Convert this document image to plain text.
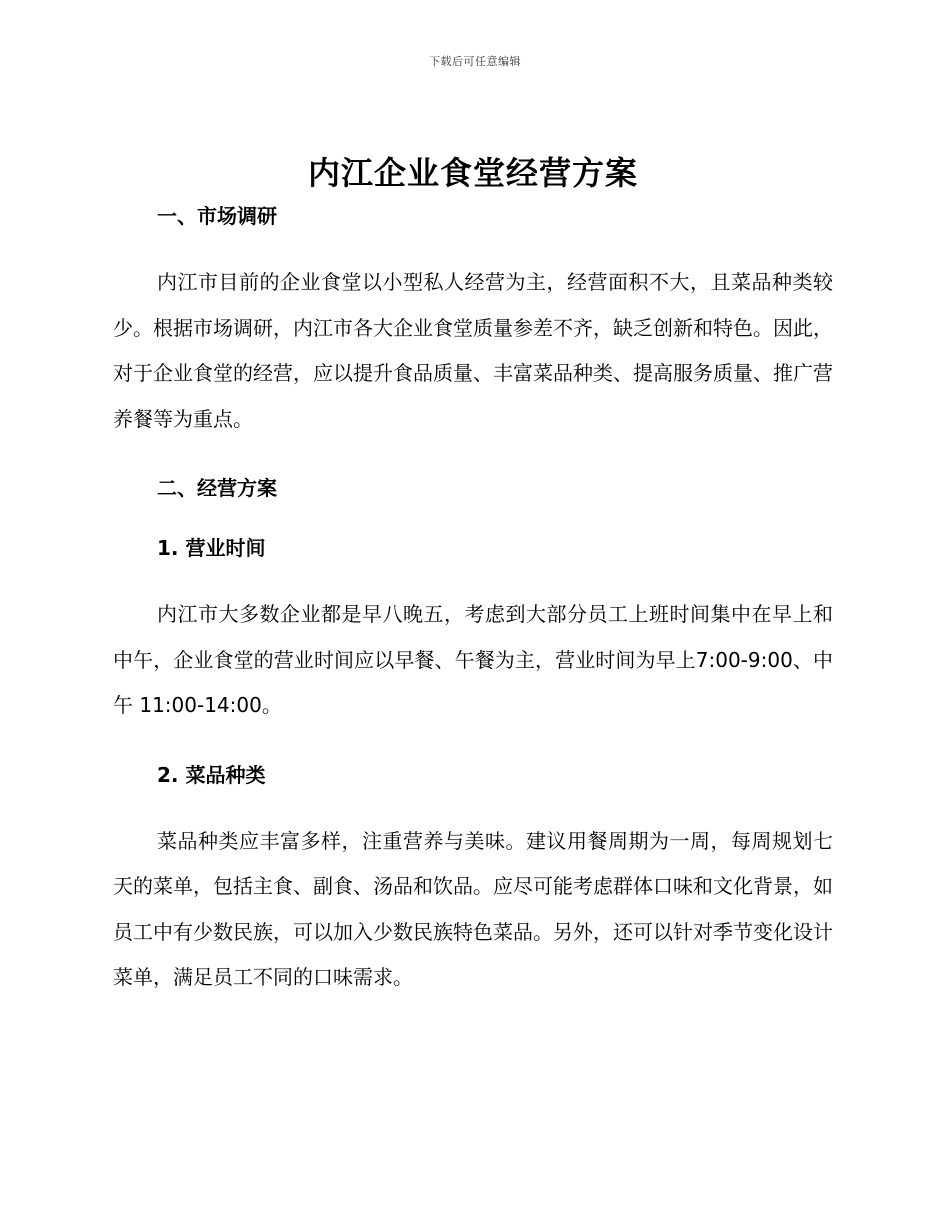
下载后可任意编辑
内江企业食堂经营方案
一、市场调研

内江市目前的企业食堂以小型私人经营为主，经营面积不大，且菜品种类较少。根据市场调研，内江市各大企业食堂质量参差不齐，缺乏创新和特色。因此，对于企业食堂的经营，应以提升食品质量、丰富菜品种类、提高服务质量、推广营养餐等为重点。

二、经营方案
1. 营业时间

内江市大多数企业都是早八晚五，考虑到大部分员工上班时间集中在早上和中午，企业食堂的营业时间应以早餐、午餐为主，营业时间为早上7:00-9:00、中午 11:00-14:00。

2. 菜品种类

菜品种类应丰富多样，注重营养与美味。建议用餐周期为一周，每周规划七天的菜单，包括主食、副食、汤品和饮品。应尽可能考虑群体口味和文化背景，如员工中有少数民族，可以加入少数民族特色菜品。另外，还可以针对季节变化设计菜单，满足员工不同的口味需求。
